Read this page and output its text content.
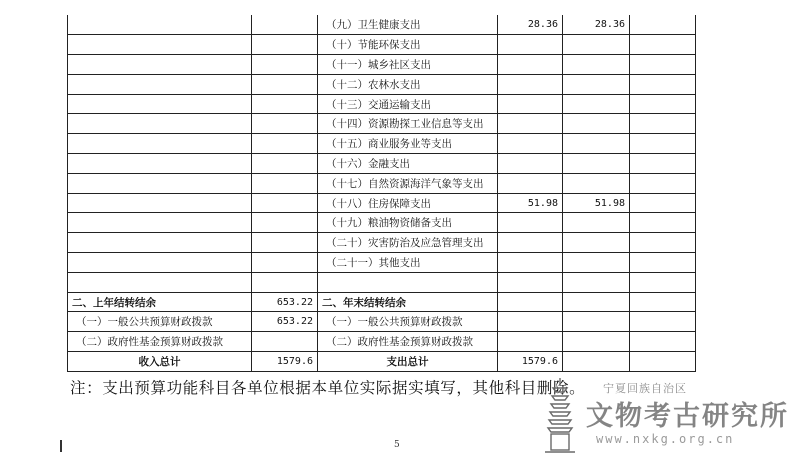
		（九）卫生健康支出	28.36	28.36	
		（十）节能环保支出			
		（十一）城乡社区支出			
		（十二）农林水支出			
		（十三）交通运输支出			
		（十四）资源勘探工业信息等支出			
		（十五）商业服务业等支出			
		（十六）金融支出			
		（十七）自然资源海洋气象等支出			
		（十八）住房保障支出	51.98	51.98	
		（十九）粮油物资储备支出			
		（二十）灾害防治及应急管理支出			
		（二十一）其他支出			

二、上年结转结余	653.22	二、年末结转结余			
（一）一般公共预算财政拨款	653.22	（一）一般公共预算财政拨款			
（二）政府性基金预算财政拨款		（二）政府性基金预算财政拨款			
收入总计	1579.6	支出总计	1579.6		
注：支出预算功能科目各单位根据本单位实际据实填写，其他科目删除。 宁夏回族自治区
文物考古研究所
www.nxkg.org.cn
5
